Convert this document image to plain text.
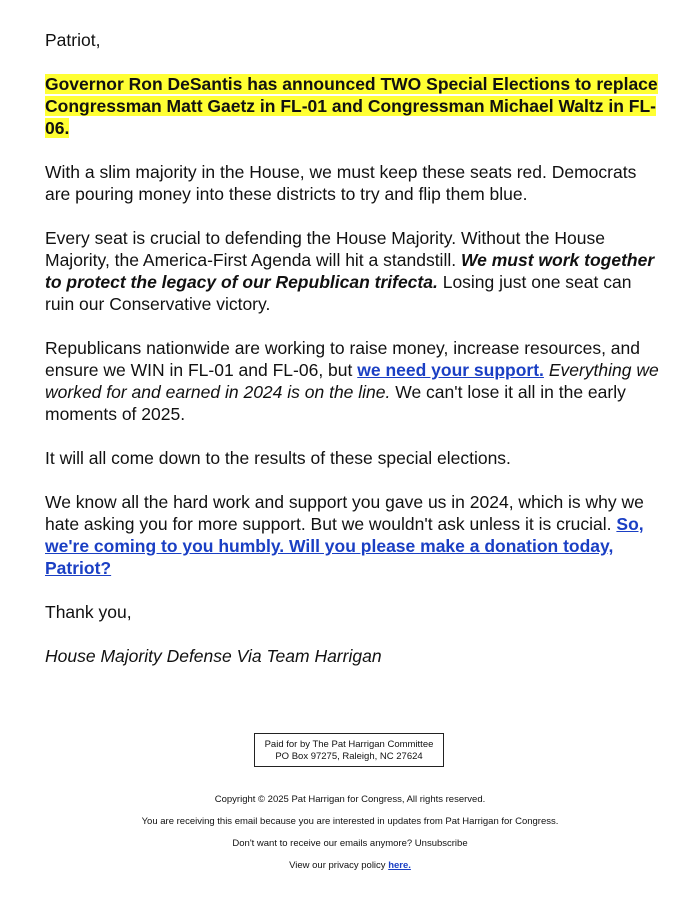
Patriot,

Governor Ron DeSantis has announced TWO Special Elections to replace Congressman Matt Gaetz in FL-01 and Congressman Michael Waltz in FL-06.

With a slim majority in the House, we must keep these seats red. Democrats are pouring money into these districts to try and flip them blue.

Every seat is crucial to defending the House Majority. Without the House Majority, the America-First Agenda will hit a standstill. We must work together to protect the legacy of our Republican trifecta. Losing just one seat can ruin our Conservative victory.

Republicans nationwide are working to raise money, increase resources, and ensure we WIN in FL-01 and FL-06, but we need your support. Everything we worked for and earned in 2024 is on the line. We can't lose it all in the early moments of 2025.

It will all come down to the results of these special elections.

We know all the hard work and support you gave us in 2024, which is why we hate asking you for more support. But we wouldn't ask unless it is crucial. So, we're coming to you humbly. Will you please make a donation today, Patriot?

Thank you,

House Majority Defense Via Team Harrigan

Paid for by The Pat Harrigan Committee
PO Box 97275, Raleigh, NC 27624
Copyright © 2025 Pat Harrigan for Congress, All rights reserved.
You are receiving this email because you are interested in updates from Pat Harrigan for Congress.
Don't want to receive our emails anymore? Unsubscribe
View our privacy policy here.
